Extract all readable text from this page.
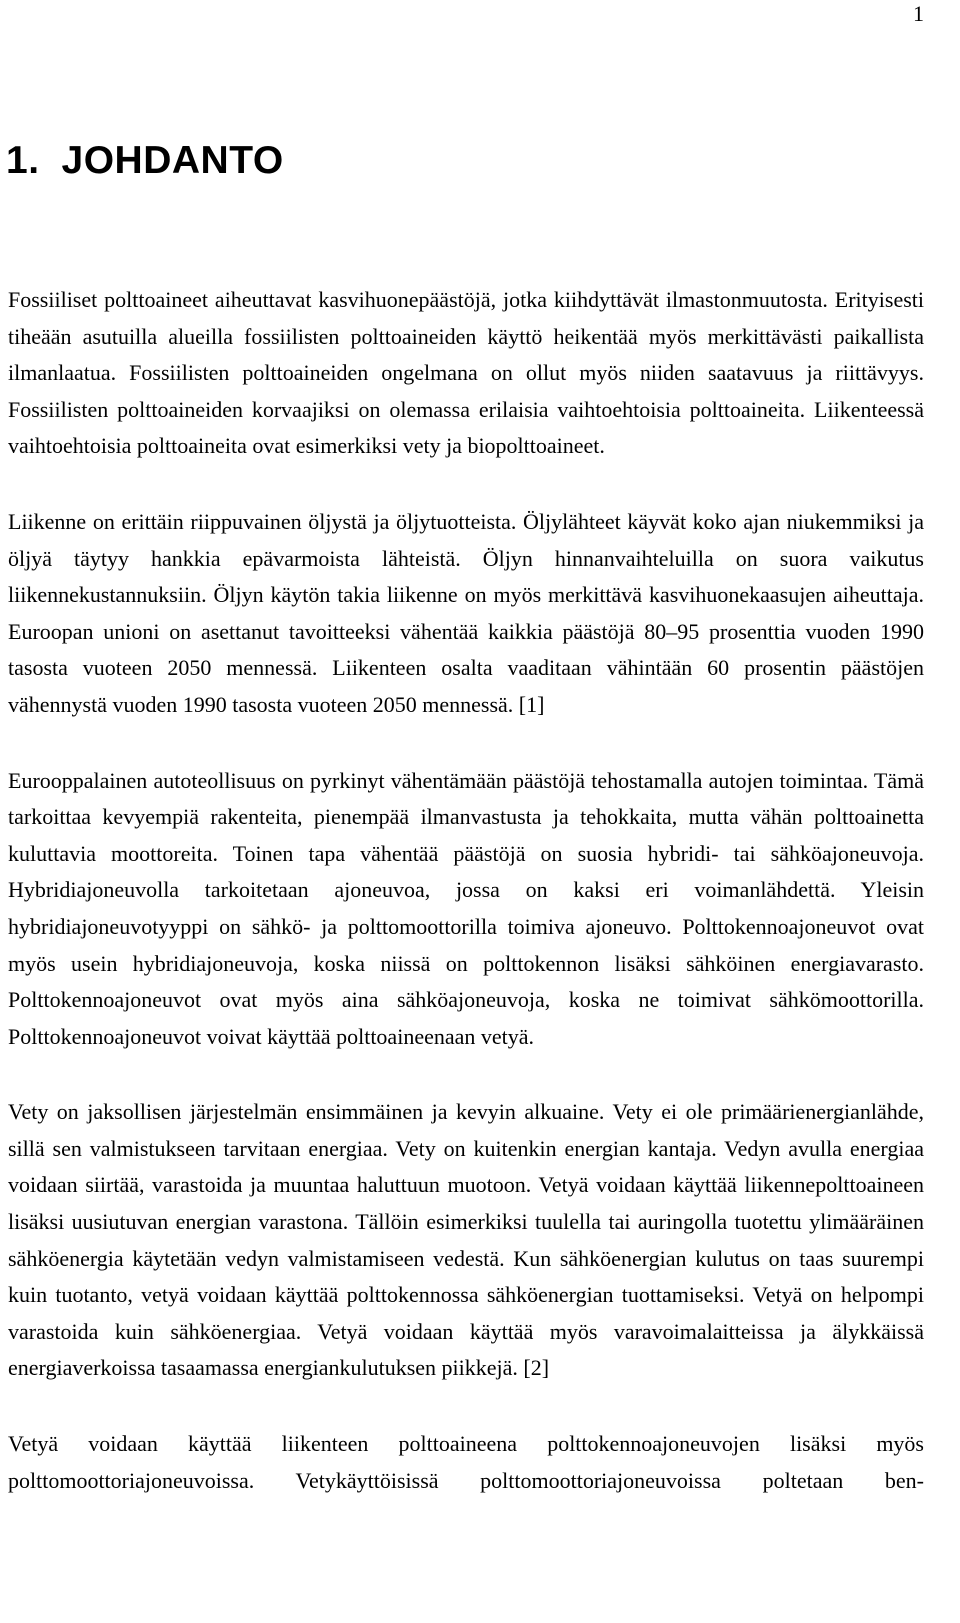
1
1. JOHDANTO

Fossiiliset polttoaineet aiheuttavat kasvihuonepäästöjä, jotka kiihdyttävät ilmastonmuutosta. Erityisesti tiheään asutuilla alueilla fossiilisten polttoaineiden käyttö heikentää myös merkittävästi paikallista ilmanlaatua. Fossiilisten polttoaineiden ongelmana on ollut myös niiden saatavuus ja riittävyys. Fossiilisten polttoaineiden korvaajiksi on olemassa erilaisia vaihtoehtoisia polttoaineita. Liikenteessä vaihtoehtoisia polttoaineita ovat esimerkiksi vety ja biopolttoaineet.

Liikenne on erittäin riippuvainen öljystä ja öljytuotteista. Öljylähteet käyvät koko ajan niukemmiksi ja öljyä täytyy hankkia epävarmoista lähteistä. Öljyn hinnanvaihteluilla on suora vaikutus liikennekustannuksiin. Öljyn käytön takia liikenne on myös merkittävä kasvihuonekaasujen aiheuttaja. Euroopan unioni on asettanut tavoitteeksi vähentää kaikkia päästöjä 80–95 prosenttia vuoden 1990 tasosta vuoteen 2050 mennessä. Liikenteen osalta vaaditaan vähintään 60 prosentin päästöjen vähennystä vuoden 1990 tasosta vuoteen 2050 mennessä. [1]

Eurooppalainen autoteollisuus on pyrkinyt vähentämään päästöjä tehostamalla autojen toimintaa. Tämä tarkoittaa kevyempiä rakenteita, pienempää ilmanvastusta ja tehokkaita, mutta vähän polttoainetta kuluttavia moottoreita. Toinen tapa vähentää päästöjä on suosia hybridi- tai sähköajoneuvoja. Hybridiajoneuvolla tarkoitetaan ajoneuvoa, jossa on kaksi eri voimanlähdettä. Yleisin hybridiajoneuvotyyppi on sähkö- ja polttomoottorilla toimiva ajoneuvo. Polttokennoajoneuvot ovat myös usein hybridiajoneuvoja, koska niissä on polttokennon lisäksi sähköinen energiavarasto. Polttokennoajoneuvot ovat myös aina sähköajoneuvoja, koska ne toimivat sähkömoottorilla. Polttokennoajoneuvot voivat käyttää polttoaineenaan vetyä.

Vety on jaksollisen järjestelmän ensimmäinen ja kevyin alkuaine. Vety ei ole primäärienergianlähde, sillä sen valmistukseen tarvitaan energiaa. Vety on kuitenkin energian kantaja. Vedyn avulla energiaa voidaan siirtää, varastoida ja muuntaa haluttuun muotoon. Vetyä voidaan käyttää liikennepolttoaineen lisäksi uusiutuvan energian varastona. Tällöin esimerkiksi tuulella tai auringolla tuotettu ylimääräinen sähköenergia käytetään vedyn valmistamiseen vedestä. Kun sähköenergian kulutus on taas suurempi kuin tuotanto, vetyä voidaan käyttää polttokennossa sähköenergian tuottamiseksi. Vetyä on helpompi varastoida kuin sähköenergiaa. Vetyä voidaan käyttää myös varavoimalaitteissa ja älykkäissä energiaverkoissa tasaamassa energiankulutuksen piikkejä. [2]

Vetyä voidaan käyttää liikenteen polttoaineena polttokennoajoneuvojen lisäksi myös polttomoottoriajoneuvoissa. Vetykäyttöisissä polttomoottoriajoneuvoissa poltetaan ben-
